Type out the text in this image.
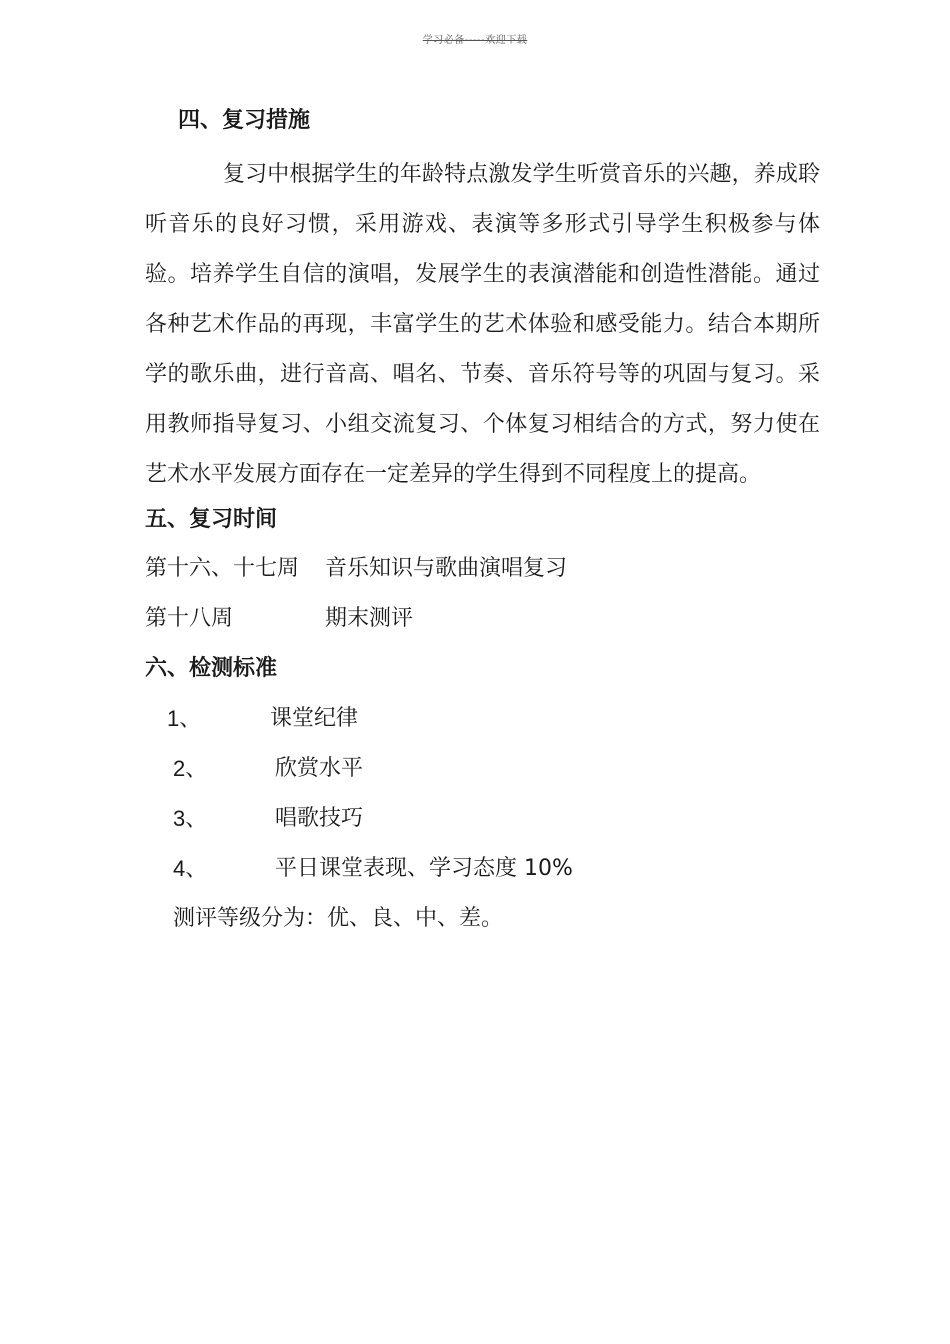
学习必备-----欢迎下载
四、复习措施
复习中根据学生的年龄特点激发学生听赏音乐的兴趣，养成聆听音乐的良好习惯，采用游戏、表演等多形式引导学生积极参与体验。培养学生自信的演唱，发展学生的表演潜能和创造性潜能。通过各种艺术作品的再现，丰富学生的艺术体验和感受能力。结合本期所学的歌乐曲，进行音高、唱名、节奏、音乐符号等的巩固与复习。采用教师指导复习、小组交流复习、个体复习相结合的方式，努力使在艺术水平发展方面存在一定差异的学生得到不同程度上的提高。
五、复习时间
第十六、十七周 音乐知识与歌曲演唱复习
第十八周	期末测评
六、检测标准
1、	课堂纪律
2、	欣赏水平
3、	唱歌技巧
4、	平日课堂表现、学习态度 10%
测评等级分为：优、良、中、差。
